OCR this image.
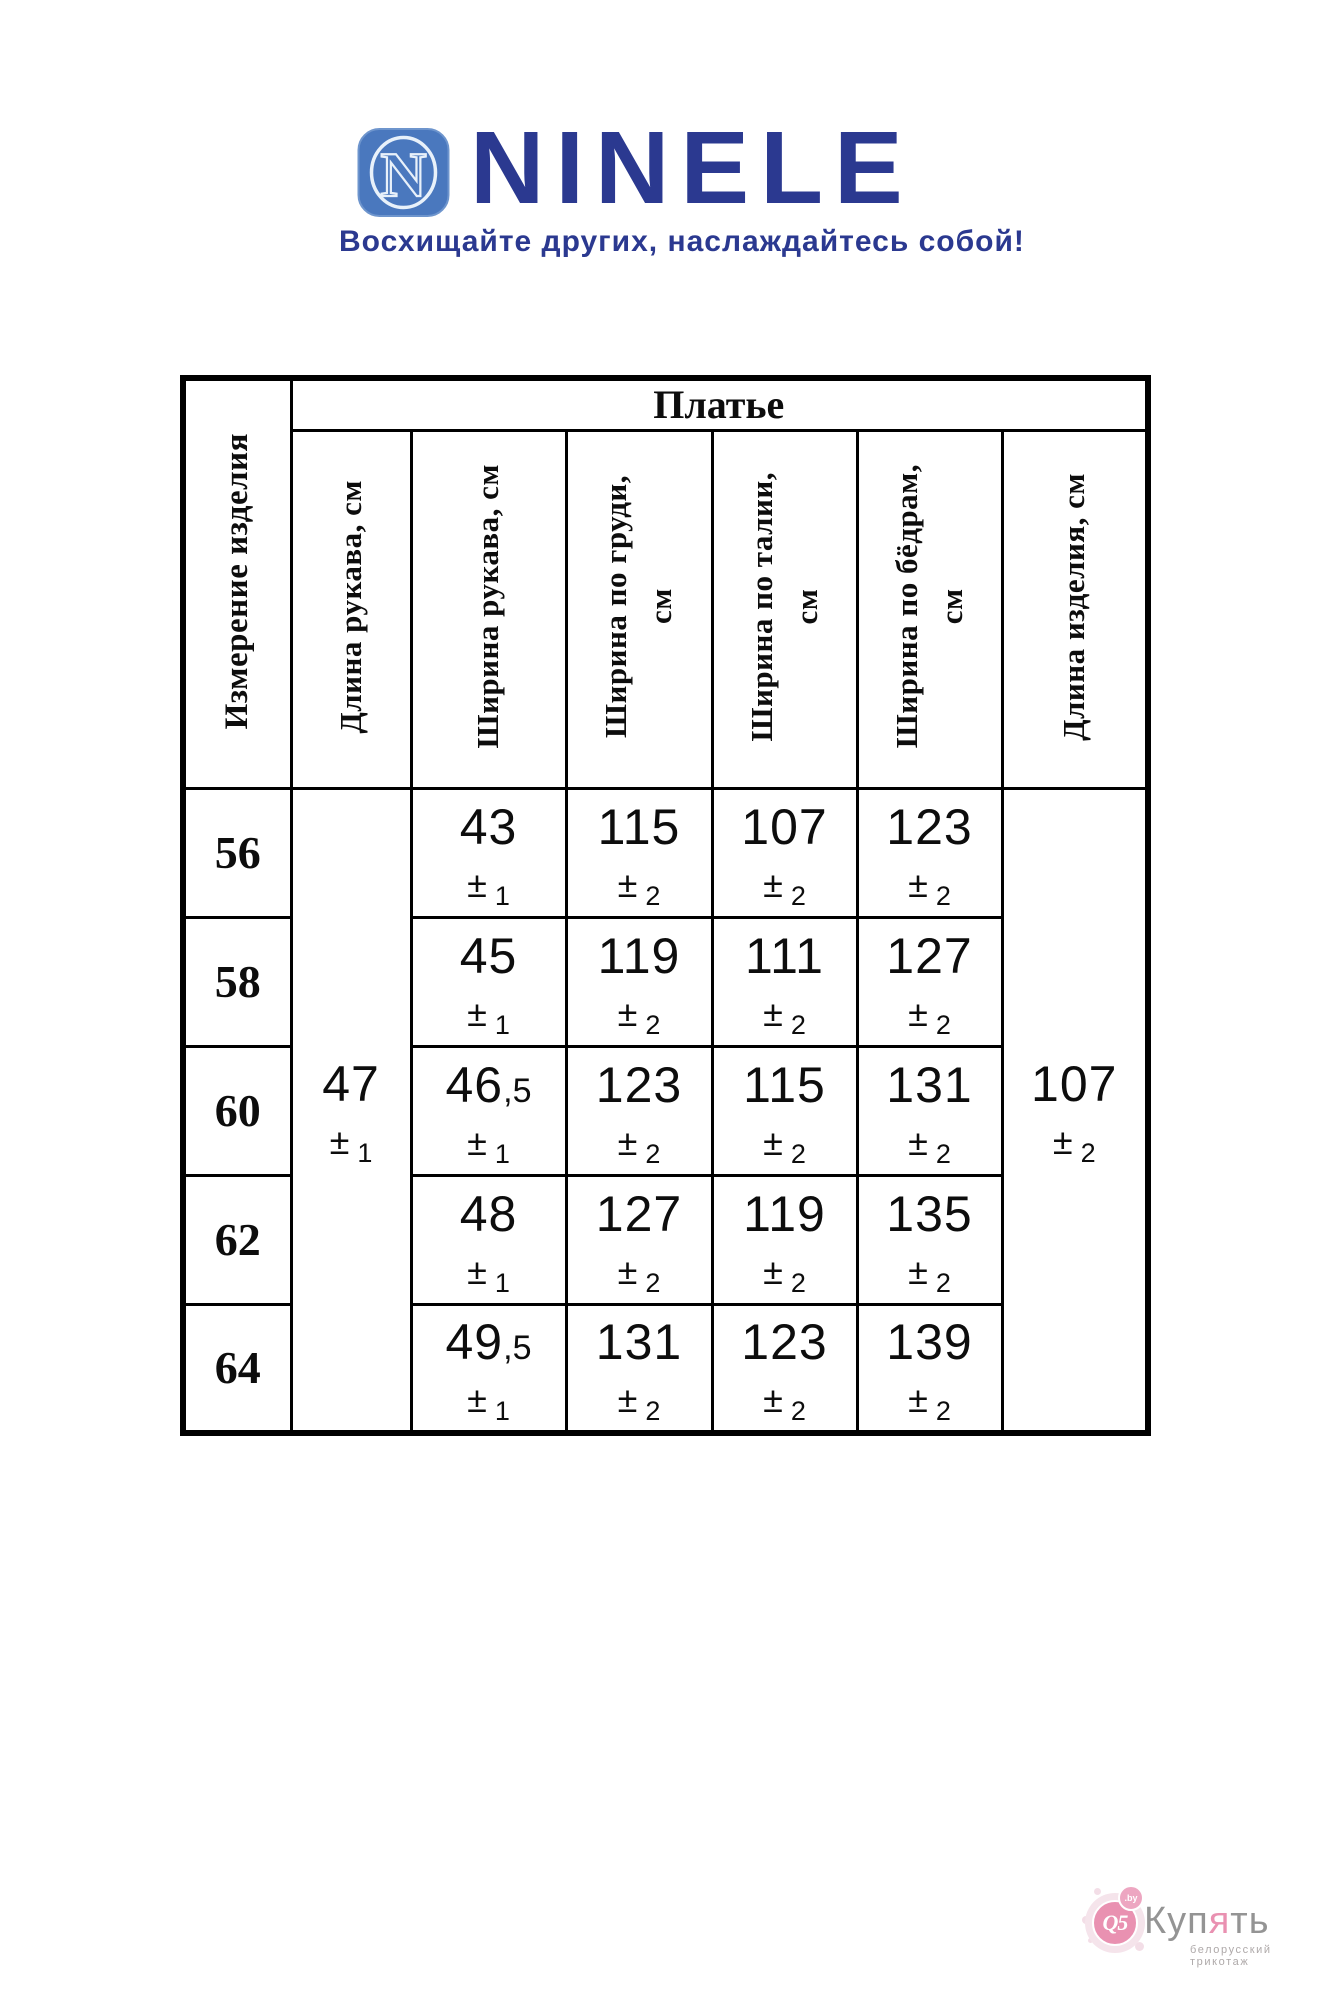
N NINELE
Восхищайте других, наслаждайтесь собой!
Измерение изделия	Платье					
	Длина рукава, см	Ширина рукава, см	Ширина по груди,
см	Ширина по талии,
см	Ширина по бёдрам,
см	Длина изделия, см
56	
47
± 1

43
± 1

115
± 2

107
± 2

123
± 2

107
± 2

58	45
± 1

119
± 2

111
± 2

127
± 2

60	46,5
± 1

123
± 2

115
± 2

131
± 2

62	48
± 1

127
± 2

119
± 2

135
± 2

64	49,5
± 1

131
± 2

123
± 2

139
± 2
Q5
.by
Купять
белорусский трикотаж
